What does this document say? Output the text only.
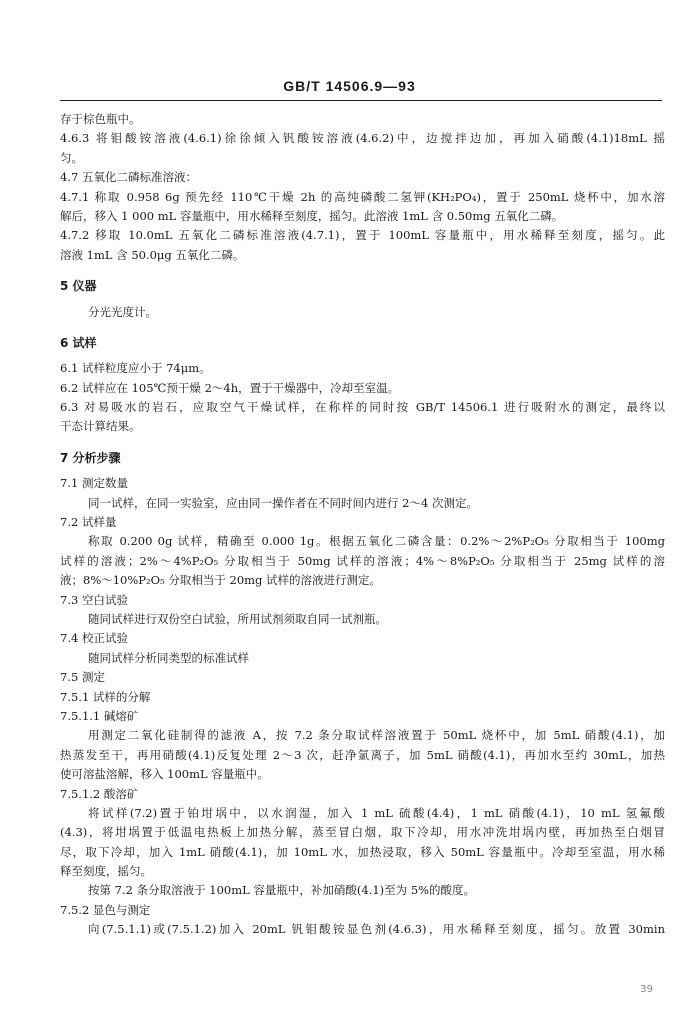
GB/T 14506.9—93
存于棕色瓶中。
4.6.3 将钼酸铵溶液(4.6.1)徐徐倾入钒酸铵溶液(4.6.2)中，边搅拌边加，再加入硝酸(4.1)18mL 摇
匀。
4.7 五氧化二磷标准溶液：
4.7.1 称取 0.958 6g 预先经 110℃干燥 2h 的高纯磷酸二氢钾(KH₂PO₄)，置于 250mL 烧杯中，加水溶
解后，移入 1 000 mL 容量瓶中，用水稀释至刻度，摇匀。此溶液 1mL 含 0.50mg 五氧化二磷。
4.7.2 移取 10.0mL 五氧化二磷标准溶液(4.7.1)，置于 100mL 容量瓶中，用水稀释至刻度，摇匀。此
溶液 1mL 含 50.0μg 五氧化二磷。
5 仪器
分光光度计。
6 试样
6.1 试样粒度应小于 74μm。
6.2 试样应在 105℃预干燥 2～4h，置于干燥器中，冷却至室温。
6.3 对易吸水的岩石，应取空气干燥试样，在称样的同时按 GB/T 14506.1 进行吸附水的测定，最终以
干态计算结果。
7 分析步骤
7.1 测定数量
同一试样，在同一实验室，应由同一操作者在不同时间内进行 2～4 次测定。
7.2 试样量
称取 0.200 0g 试样，精确至 0.000 1g。根据五氧化二磷含量：0.2%～2%P₂O₅ 分取相当于 100mg
试样的溶液；2%～4%P₂O₅ 分取相当于 50mg 试样的溶液；4%～8%P₂O₅ 分取相当于 25mg 试样的溶
液；8%～10%P₂O₅ 分取相当于 20mg 试样的溶液进行测定。
7.3 空白试验
随同试样进行双份空白试验，所用试剂须取自同一试剂瓶。
7.4 校正试验
随同试样分析同类型的标准试样
7.5 测定
7.5.1 试样的分解
7.5.1.1 碱熔矿
用测定二氧化硅制得的滤液 A，按 7.2 条分取试样溶液置于 50mL 烧杯中，加 5mL 硝酸(4.1)，加
热蒸发至干，再用硝酸(4.1)反复处理 2～3 次，赶净氯离子，加 5mL 硝酸(4.1)，再加水至约 30mL，加热
使可溶盐溶解，移入 100mL 容量瓶中。
7.5.1.2 酸溶矿
将试样(7.2)置于铂坩埚中，以水润湿，加入 1 mL 硫酸(4.4)，1 mL 硝酸(4.1)，10 mL 氢氟酸
(4.3)，将坩埚置于低温电热板上加热分解，蒸至冒白烟，取下冷却，用水冲洗坩埚内壁，再加热至白烟冒
尽，取下冷却，加入 1mL 硝酸(4.1)，加 10mL 水，加热浸取，移入 50mL 容量瓶中。冷却至室温，用水稀
释至刻度，摇匀。
按第 7.2 条分取溶液于 100mL 容量瓶中，补加硝酸(4.1)至为 5%的酸度。
7.5.2 显色与测定
向(7.5.1.1)或(7.5.1.2)加入 20mL 钒钼酸铵显色剂(4.6.3)，用水稀释至刻度，摇匀。放置 30min
39
